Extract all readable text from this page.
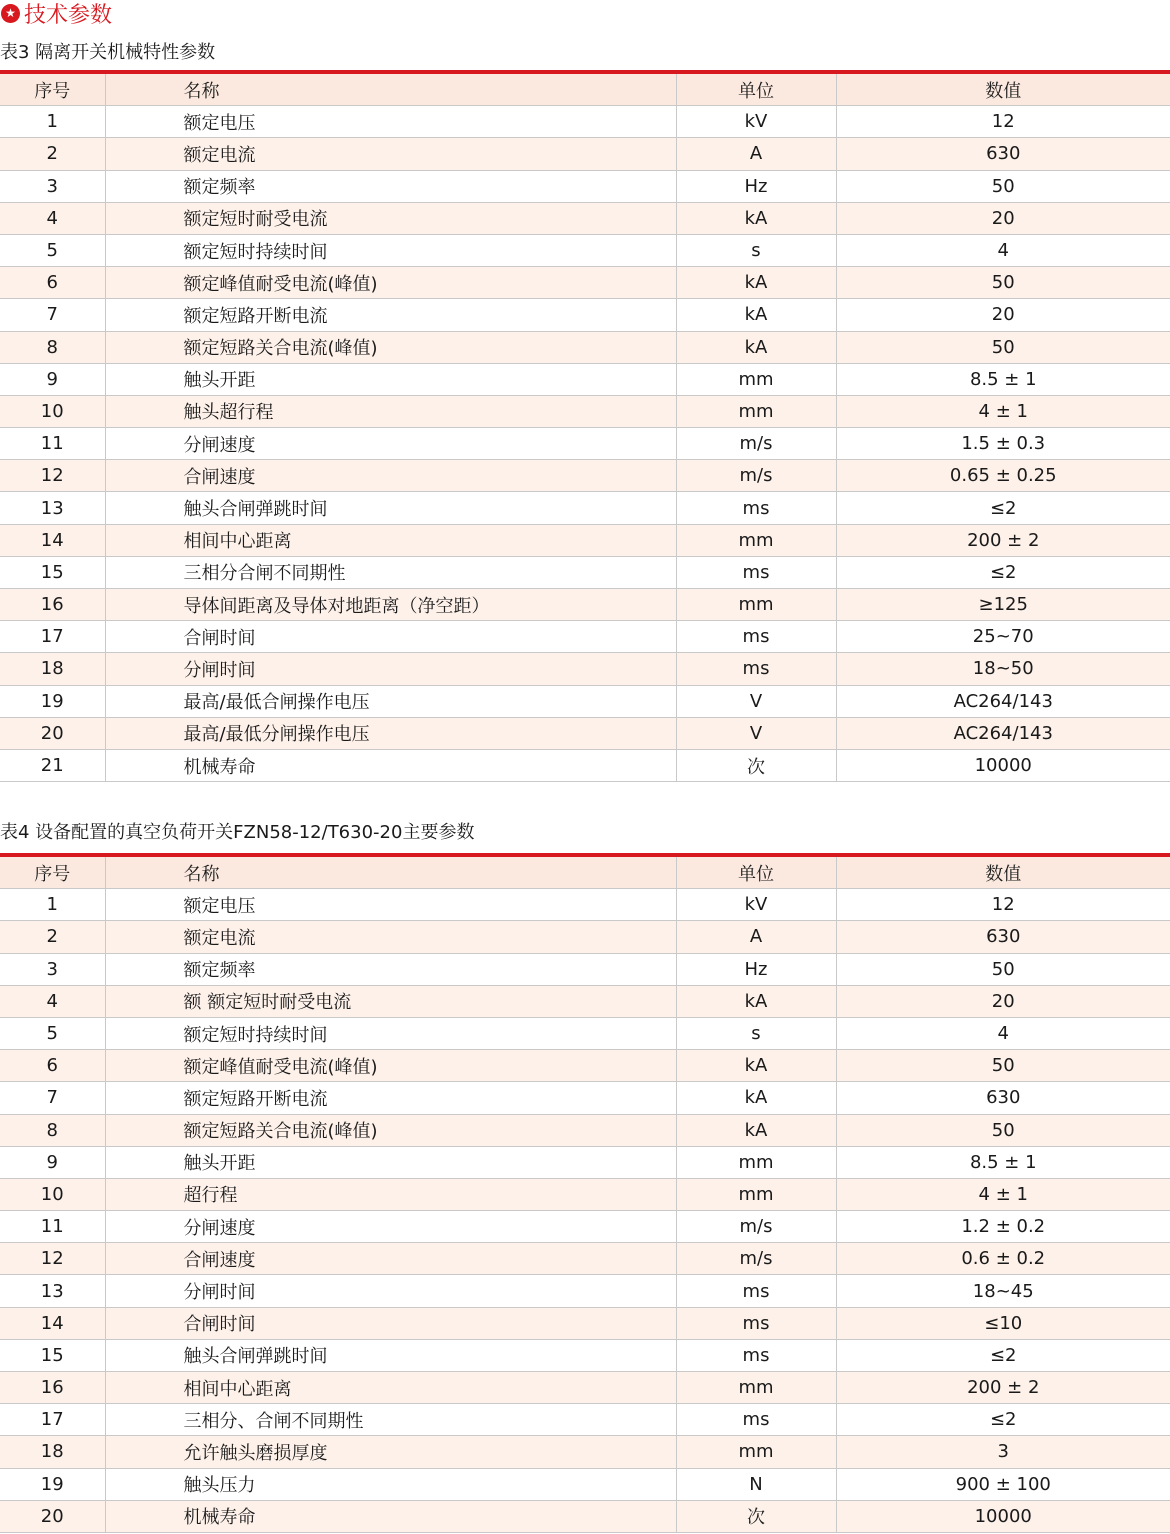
★ 技术参数
表3 隔离开关机械特性参数
序号	名称	单位	数值
1	额定电压	kV	12
2	额定电流	A	630
3	额定频率	Hz	50
4	额定短时耐受电流	kA	20
5	额定短时持续时间	s	4
6	额定峰值耐受电流(峰值)	kA	50
7	额定短路开断电流	kA	20
8	额定短路关合电流(峰值)	kA	50
9	触头开距	mm	8.5 ± 1
10	触头超行程	mm	4 ± 1
11	分闸速度	m/s	1.5 ± 0.3
12	合闸速度	m/s	0.65 ± 0.25
13	触头合闸弹跳时间	ms	≤2
14	相间中心距离	mm	200 ± 2
15	三相分合闸不同期性	ms	≤2
16	导体间距离及导体对地距离（净空距）	mm	≥125
17	合闸时间	ms	25~70
18	分闸时间	ms	18~50
19	最高/最低合闸操作电压	V	AC264/143
20	最高/最低分闸操作电压	V	AC264/143
21	机械寿命	次	10000
表4 设备配置的真空负荷开关FZN58-12/T630-20主要参数
序号	名称	单位	数值
1	额定电压	kV	12
2	额定电流	A	630
3	额定频率	Hz	50
4	额 额定短时耐受电流	kA	20
5	额定短时持续时间	s	4
6	额定峰值耐受电流(峰值)	kA	50
7	额定短路开断电流	kA	630
8	额定短路关合电流(峰值)	kA	50
9	触头开距	mm	8.5 ± 1
10	超行程	mm	4 ± 1
11	分闸速度	m/s	1.2 ± 0.2
12	合闸速度	m/s	0.6 ± 0.2
13	分闸时间	ms	18~45
14	合闸时间	ms	≤10
15	触头合闸弹跳时间	ms	≤2
16	相间中心距离	mm	200 ± 2
17	三相分、合闸不同期性	ms	≤2
18	允许触头磨损厚度	mm	3
19	触头压力	N	900 ± 100
20	机械寿命	次	10000
